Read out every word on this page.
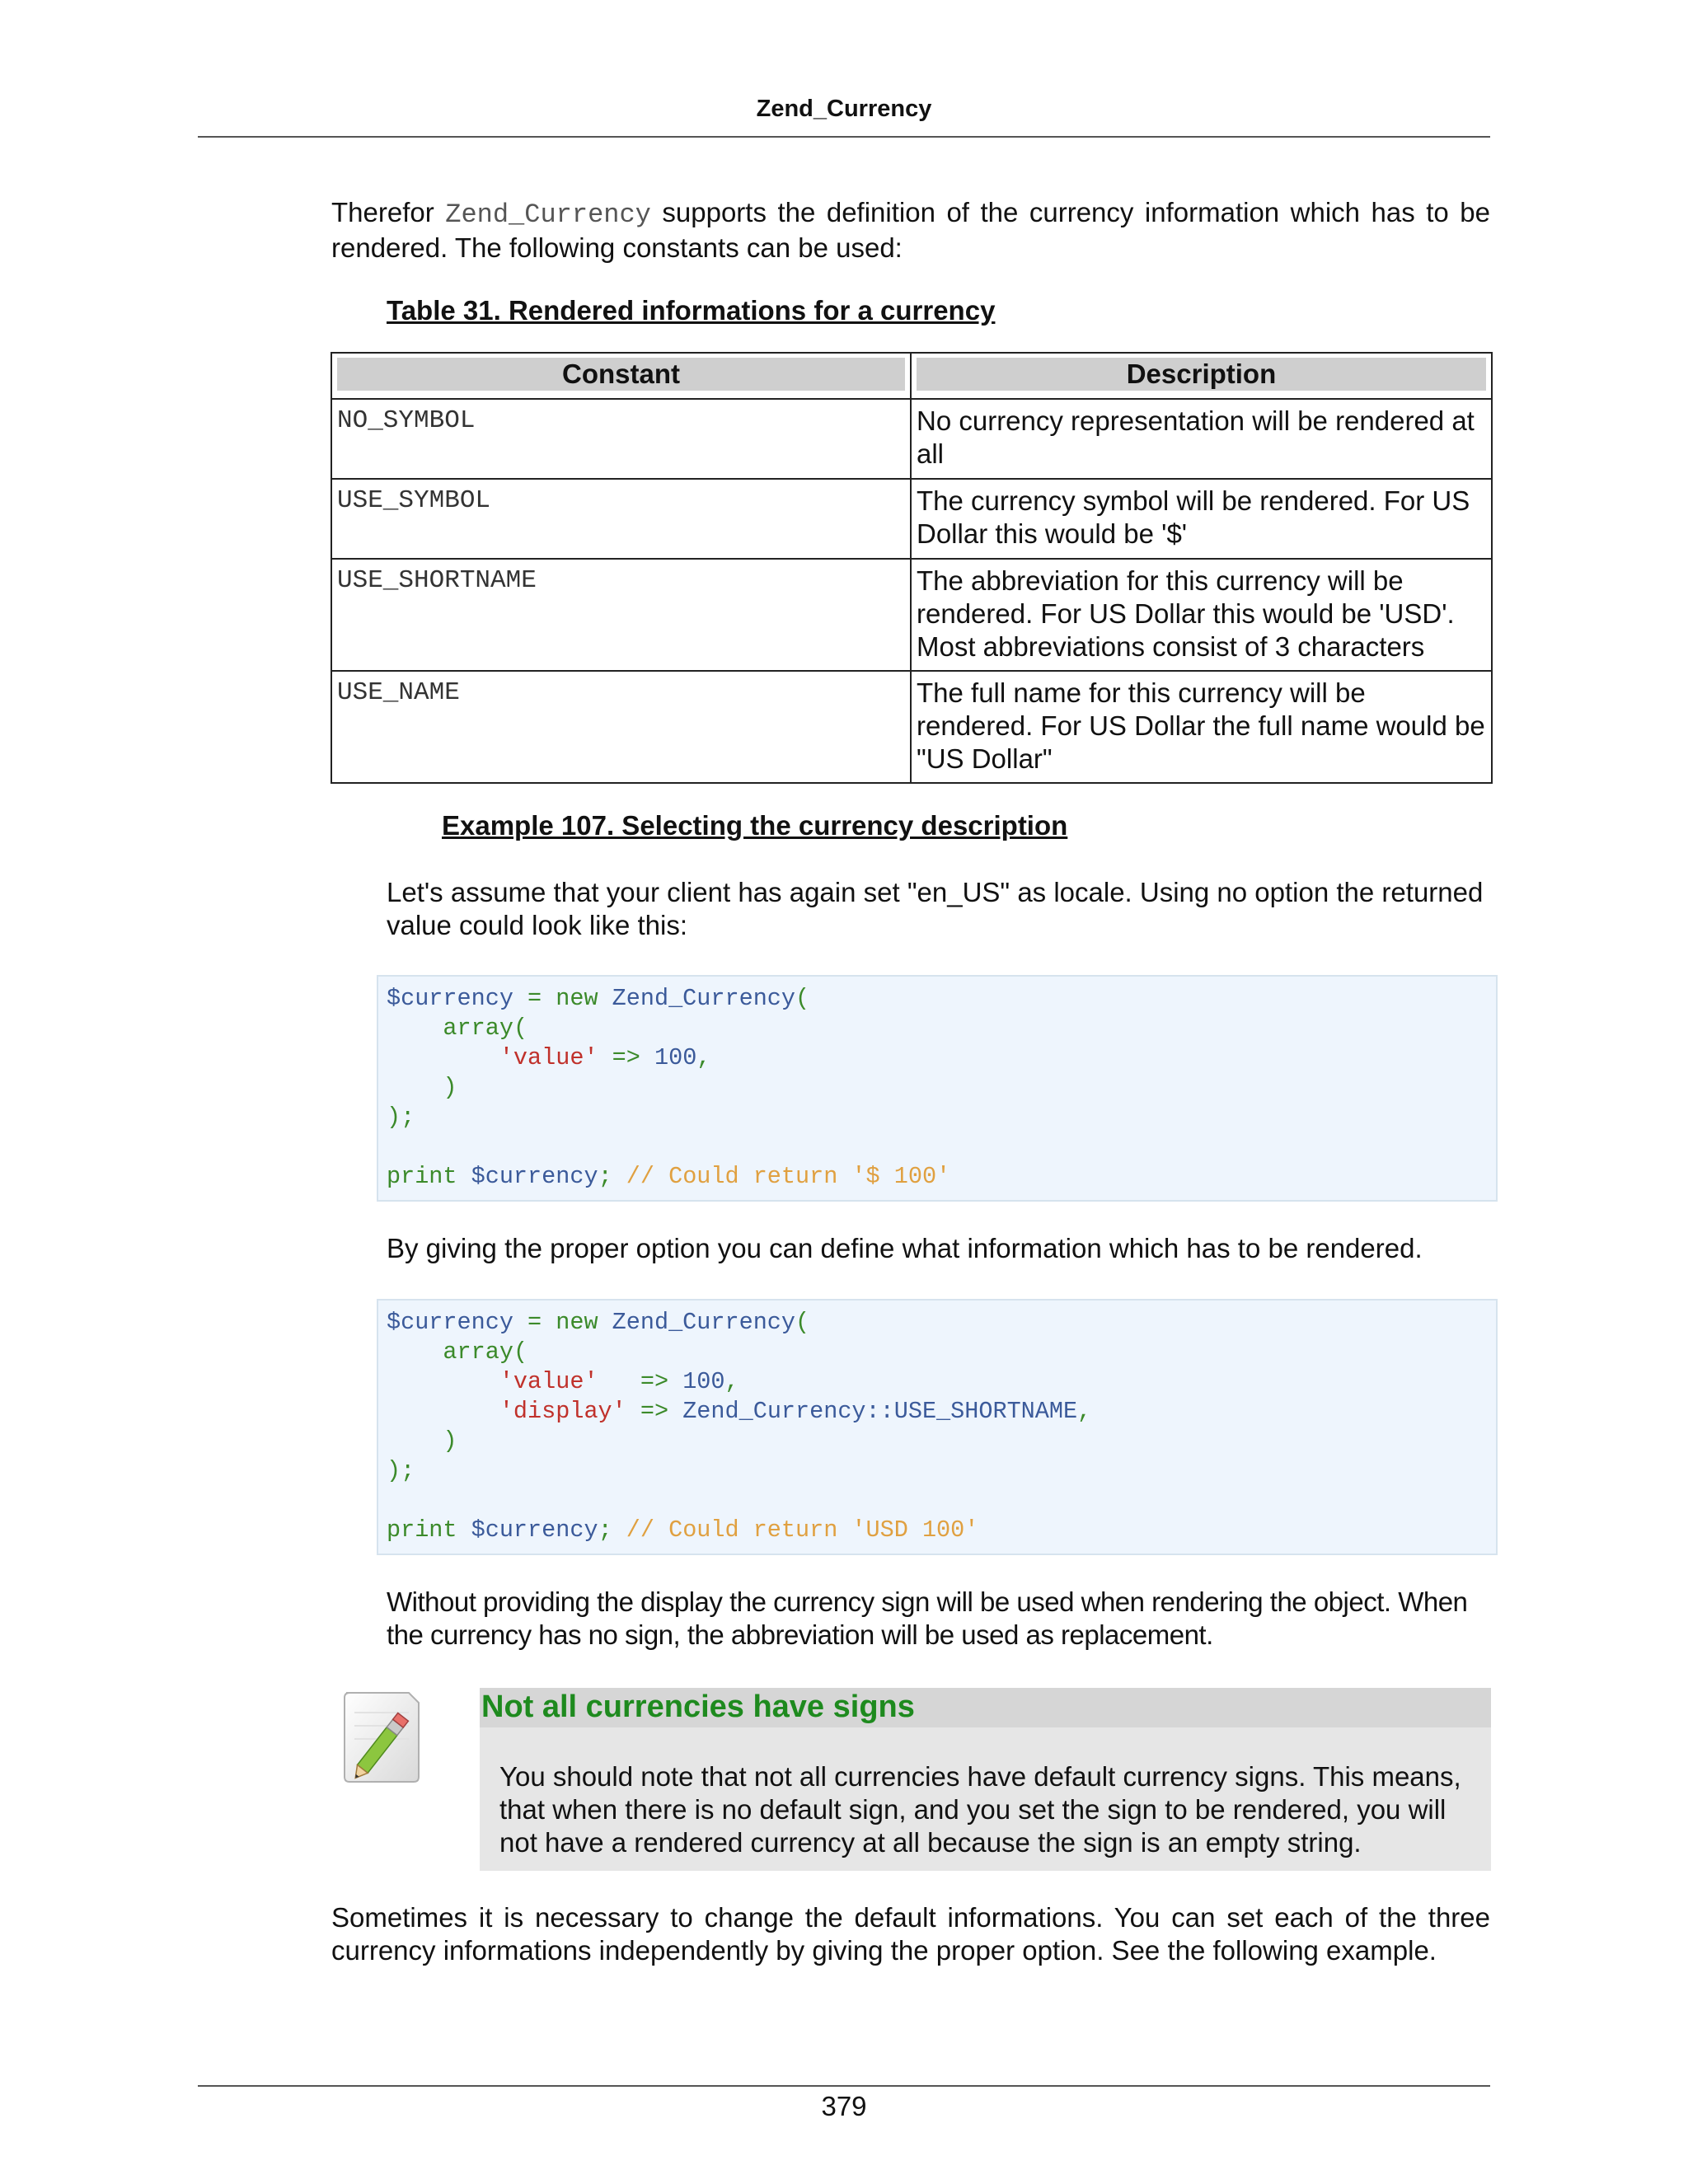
Zend_Currency
Therefor Zend_Currency supports the definition of the currency information which has to be rendered. The following constants can be used:
Table 31. Rendered informations for a currency
Constant	Description

NO_SYMBOL	No currency representation will be rendered at all
USE_SYMBOL	The currency symbol will be rendered. For US Dollar this would be '$'
USE_SHORTNAME	The abbreviation for this currency will be rendered. For US Dollar this would be 'USD'. Most abbreviations consist of 3 characters
USE_NAME	The full name for this currency will be rendered. For US Dollar the full name would be "US Dollar"
Example 107. Selecting the currency description
Let's assume that your client has again set "en_US" as locale. Using no option the returned value could look like this:
$currency = new Zend_Currency(
array(
'value' => 100,
)
);

print $currency; // Could return '$ 100'
By giving the proper option you can define what information which has to be rendered.
$currency = new Zend_Currency(
array(
'value' => 100,
'display' => Zend_Currency::USE_SHORTNAME,
)
);

print $currency; // Could return 'USD 100'
Without providing the display the currency sign will be used when rendering the object. When the currency has no sign, the abbreviation will be used as replacement.
Not all currencies have signs
You should note that not all currencies have default currency signs. This means, that when there is no default sign, and you set the sign to be rendered, you will not have a rendered currency at all because the sign is an empty string.
Sometimes it is necessary to change the default informations. You can set each of the three currency informations independently by giving the proper option. See the following example.
379
